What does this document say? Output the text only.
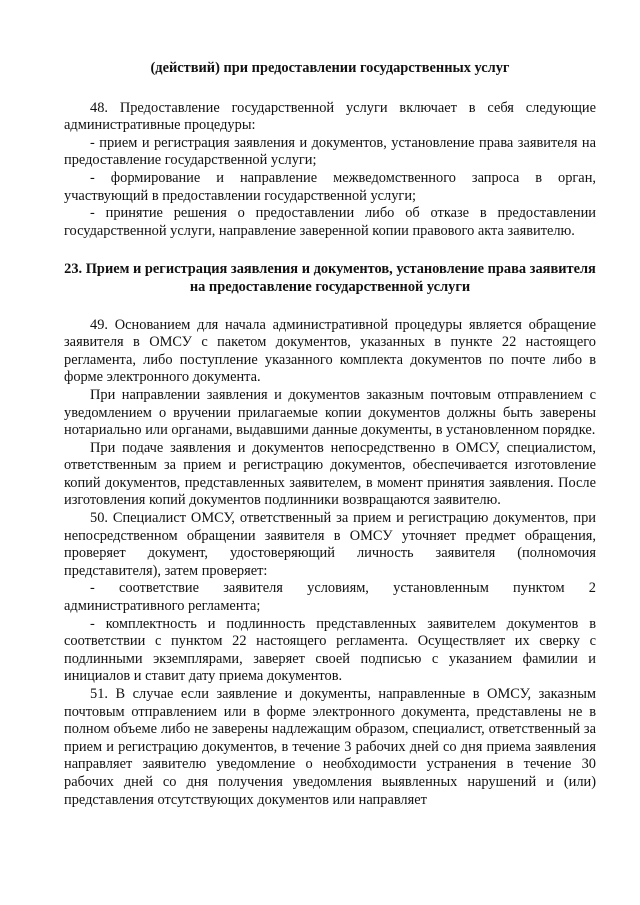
(действий) при предоставлении государственных услуг

48. Предоставление государственной услуги включает в себя следующие административные процедуры:

- прием и регистрация заявления и документов, установление права заявителя на предоставление государственной услуги;

- формирование и направление межведомственного запроса в орган, участвующий в предоставлении государственной услуги;

- принятие решения о предоставлении либо об отказе в предоставлении государственной услуги, направление заверенной копии правового акта заявителю.

23. Прием и регистрация заявления и документов, установление права заявителя на предоставление государственной услуги

49. Основанием для начала административной процедуры является обращение заявителя в ОМСУ с пакетом документов, указанных в пункте 22 настоящего регламента, либо поступление указанного комплекта документов по почте либо в форме электронного документа.

При направлении заявления и документов заказным почтовым отправлением с уведомлением о вручении прилагаемые копии документов должны быть заверены нотариально или органами, выдавшими данные документы, в установленном порядке.

При подаче заявления и документов непосредственно в ОМСУ, специалистом, ответственным за прием и регистрацию документов, обеспечивается изготовление копий документов, представленных заявителем, в момент принятия заявления. После изготовления копий документов подлинники возвращаются заявителю.

50. Специалист ОМСУ, ответственный за прием и регистрацию документов, при непосредственном обращении заявителя в ОМСУ уточняет предмет обращения, проверяет документ, удостоверяющий личность заявителя (полномочия представителя), затем проверяет:

- соответствие заявителя условиям, установленным пунктом 2 административного регламента;

- комплектность и подлинность представленных заявителем документов в соответствии с пунктом 22 настоящего регламента. Осуществляет их сверку с подлинными экземплярами, заверяет своей подписью с указанием фамилии и инициалов и ставит дату приема документов.

51. В случае если заявление и документы, направленные в ОМСУ, заказным почтовым отправлением или в форме электронного документа, представлены не в полном объеме либо не заверены надлежащим образом, специалист, ответственный за прием и регистрацию документов, в течение 3 рабочих дней со дня приема заявления направляет заявителю уведомление о необходимости устранения в течение 30 рабочих дней со дня получения уведомления выявленных нарушений и (или) представления отсутствующих документов или направляет
